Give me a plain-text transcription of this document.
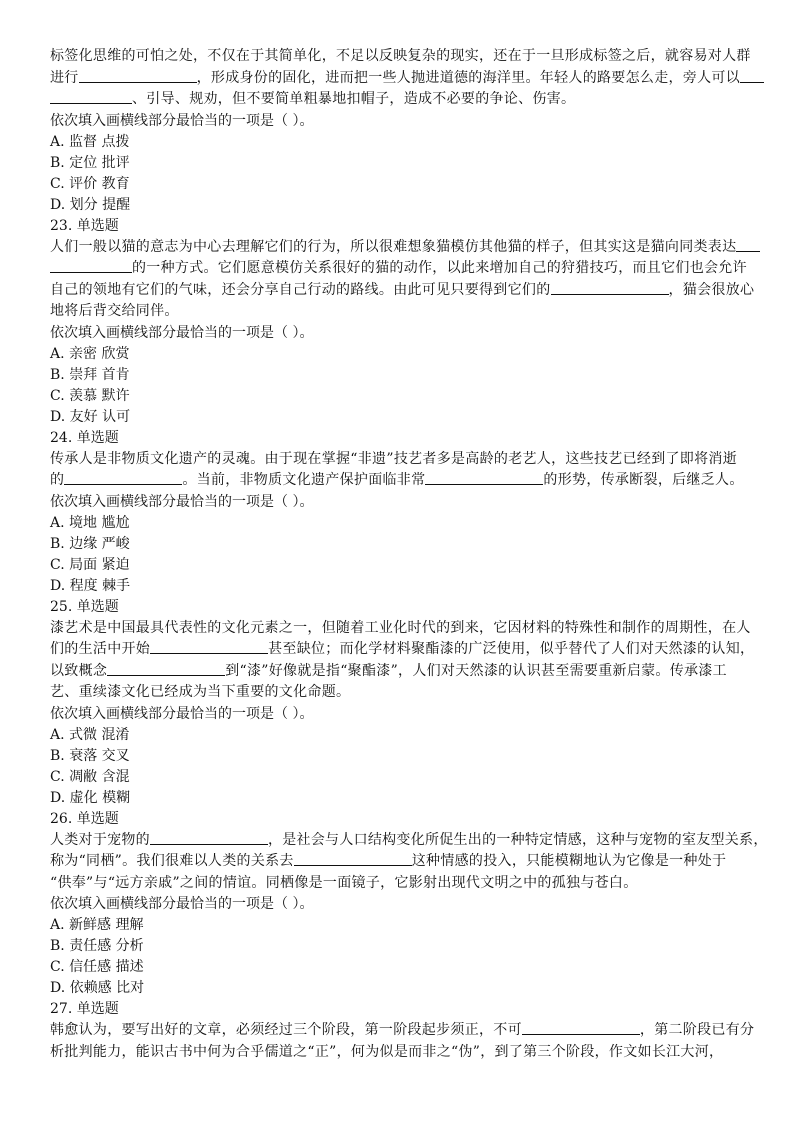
标签化思维的可怕之处，不仅在于其简单化，不足以反映复杂的现实，还在于一旦形成标签之后，就容易对人群
进行	，形成身份的固化，进而把一些人抛进道德的海洋里。年轻人的路要怎么走，旁人可以
、引导、规劝，但不要简单粗暴地扣帽子，造成不必要的争论、伤害。
依次填入画横线部分最恰当的一项是（ ）。
A. 监督 点拨
B. 定位 批评
C. 评价 教育
D. 划分 提醒
23. 单选题
人们一般以猫的意志为中心去理解它们的行为，所以很难想象猫模仿其他猫的样子，但其实这是猫向同类表达
的一种方式。它们愿意模仿关系很好的猫的动作，以此来增加自己的狩猎技巧，而且它们也会允许
自己的领地有它们的气味，还会分享自己行动的路线。由此可见只要得到它们的	，猫会很放心
地将后背交给同伴。
依次填入画横线部分最恰当的一项是（ ）。
A. 亲密 欣赏
B. 崇拜 首肯
C. 羡慕 默许
D. 友好 认可
24. 单选题
传承人是非物质文化遗产的灵魂。由于现在掌握“非遗”技艺者多是高龄的老艺人，这些技艺已经到了即将消逝
的	。当前，非物质文化遗产保护面临非常	的形势，传承断裂，后继乏人。
依次填入画横线部分最恰当的一项是（ ）。
A. 境地 尴尬
B. 边缘 严峻
C. 局面 紧迫
D. 程度 棘手
25. 单选题
漆艺术是中国最具代表性的文化元素之一，但随着工业化时代的到来，它因材料的特殊性和制作的周期性，在人
们的生活中开始	甚至缺位；而化学材料聚酯漆的广泛使用，似乎替代了人们对天然漆的认知，
以致概念	到“漆”好像就是指“聚酯漆”，人们对天然漆的认识甚至需要重新启蒙。传承漆工
艺、重续漆文化已经成为当下重要的文化命题。
依次填入画横线部分最恰当的一项是（ ）。
A. 式微 混淆
B. 衰落 交叉
C. 凋敝 含混
D. 虚化 模糊
26. 单选题
人类对于宠物的	，是社会与人口结构变化所促生出的一种特定情感，这种与宠物的室友型关系，
称为“同栖”。我们很难以人类的关系去	这种情感的投入，只能模糊地认为它像是一种处于
“供奉”与“远方亲戚”之间的情谊。同栖像是一面镜子，它影射出现代文明之中的孤独与苍白。
依次填入画横线部分最恰当的一项是（ ）。
A. 新鲜感 理解
B. 责任感 分析
C. 信任感 描述
D. 依赖感 比对
27. 单选题
韩愈认为，要写出好的文章，必须经过三个阶段，第一阶段起步须正，不可	，第二阶段已有分
析批判能力，能识古书中何为合乎儒道之“正”，何为似是而非之“伪”，到了第三个阶段，作文如长江大河，
